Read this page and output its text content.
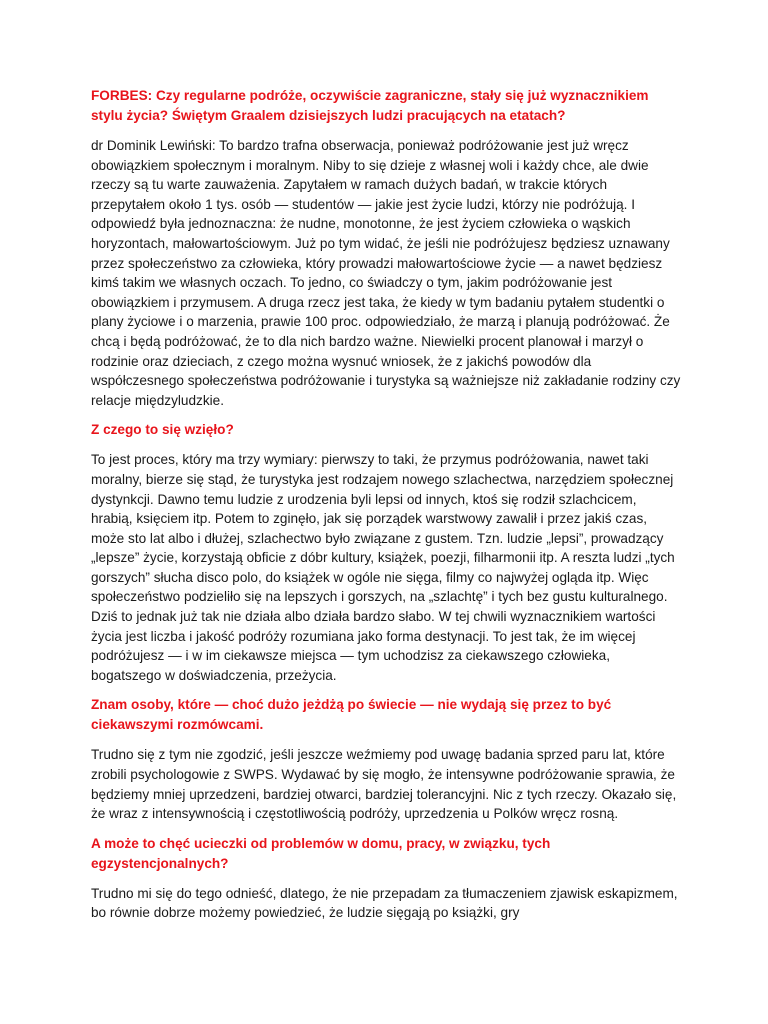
FORBES: Czy regularne podróże, oczywiście zagraniczne, stały się już wyznacznikiem stylu życia? Świętym Graalem dzisiejszych ludzi pracujących na etatach?

dr Dominik Lewiński: To bardzo trafna obserwacja, ponieważ podróżowanie jest już wręcz obowiązkiem społecznym i moralnym. Niby to się dzieje z własnej woli i każdy chce, ale dwie rzeczy są tu warte zauważenia. Zapytałem w ramach dużych badań, w trakcie których przepytałem około 1 tys. osób — studentów — jakie jest życie ludzi, którzy nie podróżują. I odpowiedź była jednoznaczna: że nudne, monotonne, że jest życiem człowieka o wąskich horyzontach, małowartościowym. Już po tym widać, że jeśli nie podróżujesz będziesz uznawany przez społeczeństwo za człowieka, który prowadzi małowartościowe życie — a nawet będziesz kimś takim we własnych oczach. To jedno, co świadczy o tym, jakim podróżowanie jest obowiązkiem i przymusem. A druga rzecz jest taka, że kiedy w tym badaniu pytałem studentki o plany życiowe i o marzenia, prawie 100 proc. odpowiedziało, że marzą i planują podróżować. Że chcą i będą podróżować, że to dla nich bardzo ważne. Niewielki procent planował i marzył o rodzinie oraz dzieciach, z czego można wysnuć wniosek, że z jakichś powodów dla współczesnego społeczeństwa podróżowanie i turystyka są ważniejsze niż zakładanie rodziny czy relacje międzyludzkie.

Z czego to się wzięło?

To jest proces, który ma trzy wymiary: pierwszy to taki, że przymus podróżowania, nawet taki moralny, bierze się stąd, że turystyka jest rodzajem nowego szlachectwa, narzędziem społecznej dystynkcji. Dawno temu ludzie z urodzenia byli lepsi od innych, ktoś się rodził szlachcicem, hrabią, księciem itp. Potem to zginęło, jak się porządek warstwowy zawalił i przez jakiś czas, może sto lat albo i dłużej, szlachectwo było związane z gustem. Tzn. ludzie „lepsi”, prowadzący „lepsze” życie, korzystają obficie z dóbr kultury, książek, poezji, filharmonii itp. A reszta ludzi „tych gorszych” słucha disco polo, do książek w ogóle nie sięga, filmy co najwyżej ogląda itp. Więc społeczeństwo podzieliło się na lepszych i gorszych, na „szlachtę” i tych bez gustu kulturalnego. Dziś to jednak już tak nie działa albo działa bardzo słabo. W tej chwili wyznacznikiem wartości życia jest liczba i jakość podróży rozumiana jako forma destynacji. To jest tak, że im więcej podróżujesz — i w im ciekawsze miejsca — tym uchodzisz za ciekawszego człowieka, bogatszego w doświadczenia, przeżycia.

Znam osoby, które — choć dużo jeżdżą po świecie — nie wydają się przez to być ciekawszymi rozmówcami.

Trudno się z tym nie zgodzić, jeśli jeszcze weźmiemy pod uwagę badania sprzed paru lat, które zrobili psychologowie z SWPS. Wydawać by się mogło, że intensywne podróżowanie sprawia, że będziemy mniej uprzedzeni, bardziej otwarci, bardziej tolerancyjni. Nic z tych rzeczy. Okazało się, że wraz z intensywnością i częstotliwością podróży, uprzedzenia u Polków wręcz rosną.

A może to chęć ucieczki od problemów w domu, pracy, w związku, tych egzystencjonalnych?

Trudno mi się do tego odnieść, dlatego, że nie przepadam za tłumaczeniem zjawisk eskapizmem, bo równie dobrze możemy powiedzieć, że ludzie sięgają po książki, gry
